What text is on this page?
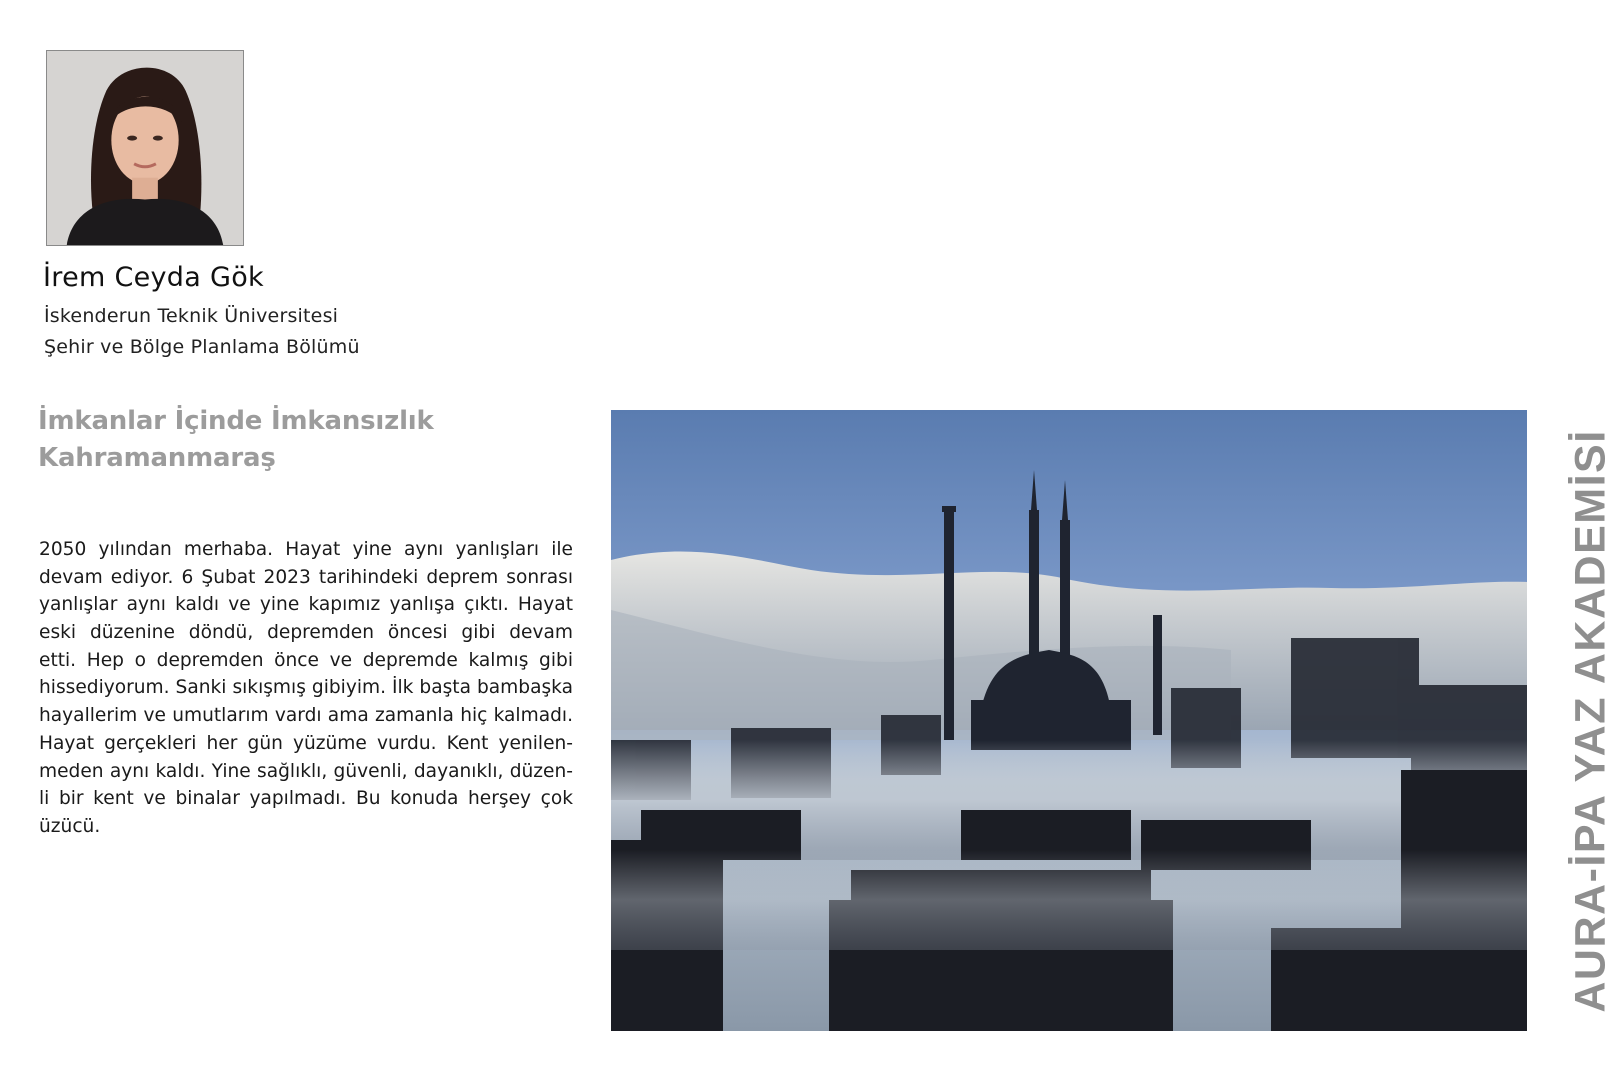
İrem Ceyda Gök
İskenderun Teknik Üniversitesi
Şehir ve Bölge Planlama Bölümü
İmkanlar İçinde İmkansızlık
Kahramanmaraş
2050 yılından merhaba. Hayat yine aynı yanlışları ile
devam ediyor. 6 Şubat 2023 tarihindeki deprem sonrası
yanlışlar aynı kaldı ve yine kapımız yanlışa çıktı. Hayat
eski düzenine döndü, depremden öncesi gibi devam
etti. Hep o depremden önce ve depremde kalmış gibi
hissediyorum. Sanki sıkışmış gibiyim. İlk başta bambaşka
hayallerim ve umutlarım vardı ama zamanla hiç kalmadı.
Hayat gerçekleri her gün yüzüme vurdu. Kent yenilen-
meden aynı kaldı. Yine sağlıklı, güvenli, dayanıklı, düzen-
li bir kent ve binalar yapılmadı. Bu konuda herşey çok
üzücü.	AURA-İPA YAZ AKADEMİSİ
